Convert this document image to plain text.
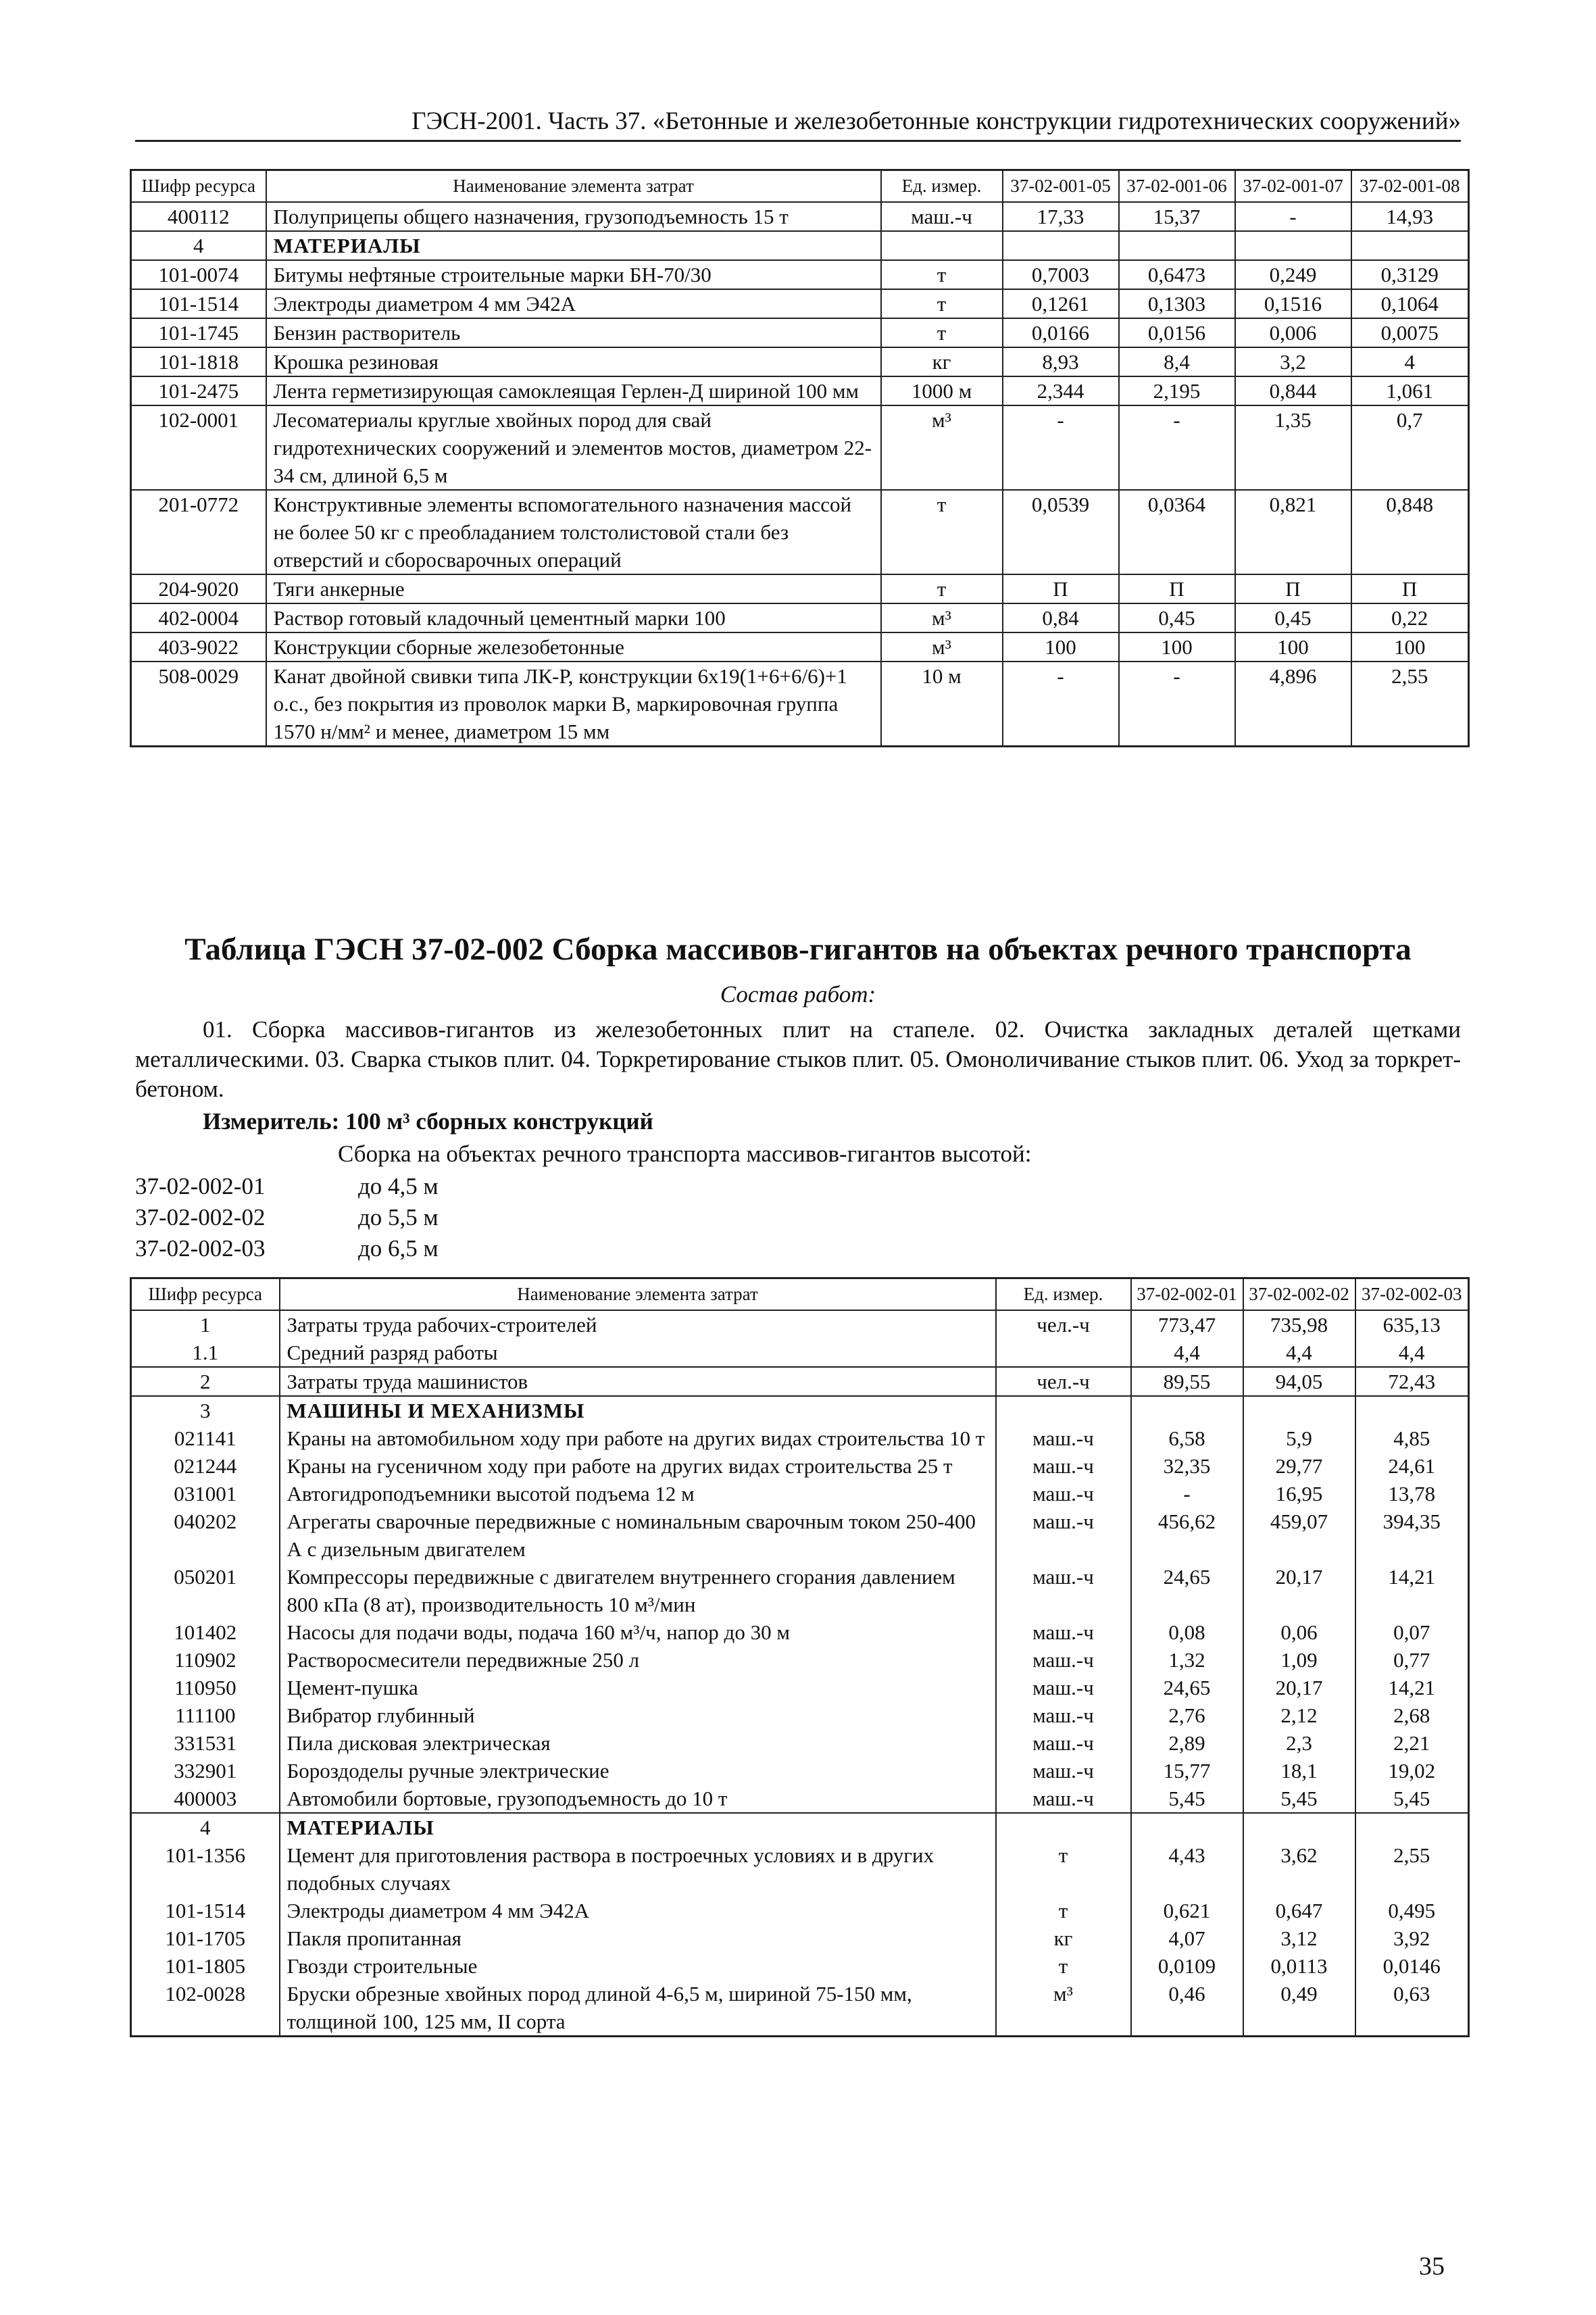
ГЭСН-2001. Часть 37. «Бетонные и железобетонные конструкции гидротехнических сооружений»
Шифр ресурса	Наименование элемента затрат	Ед. измер.	37-02-001-05	37-02-001-06	37-02-001-07	37-02-001-08
400112	Полуприцепы общего назначения, грузоподъемность 15 т	маш.-ч	17,33	15,37	-	14,93
4	МАТЕРИАЛЫ					
101-0074	Битумы нефтяные строительные марки БН-70/30	т	0,7003	0,6473	0,249	0,3129
101-1514	Электроды диаметром 4 мм Э42А	т	0,1261	0,1303	0,1516	0,1064
101-1745	Бензин растворитель	т	0,0166	0,0156	0,006	0,0075
101-1818	Крошка резиновая	кг	8,93	8,4	3,2	4
101-2475	Лента герметизирующая самоклеящая Герлен-Д шириной 100 мм	1000 м	2,344	2,195	0,844	1,061
102-0001	Лесоматериалы круглые хвойных пород для свай гидротехнических сооружений и элементов мостов, диаметром 22-34 см, длиной 6,5 м	м³	-	-	1,35	0,7
201-0772	Конструктивные элементы вспомогательного назначения массой не более 50 кг с преобладанием толстолистовой стали без отверстий и сборосварочных операций	т	0,0539	0,0364	0,821	0,848
204-9020	Тяги анкерные	т	П	П	П	П
402-0004	Раствор готовый кладочный цементный марки 100	м³	0,84	0,45	0,45	0,22
403-9022	Конструкции сборные железобетонные	м³	100	100	100	100
508-0029	Канат двойной свивки типа ЛК-Р, конструкции 6х19(1+6+6/6)+1 о.с., без покрытия из проволок марки В, маркировочная группа 1570 н/мм² и менее, диаметром 15 мм	10 м	-	-	4,896	2,55
Таблица ГЭСН 37-02-002 Сборка массивов-гигантов на объектах речного транспорта
Состав работ:
01. Сборка массивов-гигантов из железобетонных плит на стапеле. 02. Очистка закладных деталей щетками металлическими. 03. Сварка стыков плит. 04. Торкретирование стыков плит. 05. Омоноличивание стыков плит. 06. Уход за торкрет-бетоном.
Измеритель: 100 м³ сборных конструкций
Сборка на объектах речного транспорта массивов-гигантов высотой:
37-02-002-01	до 4,5 м
37-02-002-02	до 5,5 м
37-02-002-03	до 6,5 м
Шифр ресурса	Наименование элемента затрат	Ед. измер.	37-02-002-01	37-02-002-02	37-02-002-03
1	Затраты труда рабочих-строителей	чел.-ч	773,47	735,98	635,13
1.1	Средний разряд работы		4,4	4,4	4,4
2	Затраты труда машинистов	чел.-ч	89,55	94,05	72,43
3	МАШИНЫ И МЕХАНИЗМЫ				
021141	Краны на автомобильном ходу при работе на других видах строительства 10 т	маш.-ч	6,58	5,9	4,85
021244	Краны на гусеничном ходу при работе на других видах строительства 25 т	маш.-ч	32,35	29,77	24,61
031001	Автогидроподъемники высотой подъема 12 м	маш.-ч	-	16,95	13,78
040202	Агрегаты сварочные передвижные с номинальным сварочным током 250-400 А с дизельным двигателем	маш.-ч	456,62	459,07	394,35
050201	Компрессоры передвижные с двигателем внутреннего сгорания давлением 800 кПа (8 ат), производительность 10 м³/мин	маш.-ч	24,65	20,17	14,21
101402	Насосы для подачи воды, подача 160 м³/ч, напор до 30 м	маш.-ч	0,08	0,06	0,07
110902	Растворосмесители передвижные 250 л	маш.-ч	1,32	1,09	0,77
110950	Цемент-пушка	маш.-ч	24,65	20,17	14,21
111100	Вибратор глубинный	маш.-ч	2,76	2,12	2,68
331531	Пила дисковая электрическая	маш.-ч	2,89	2,3	2,21
332901	Бороздоделы ручные электрические	маш.-ч	15,77	18,1	19,02
400003	Автомобили бортовые, грузоподъемность до 10 т	маш.-ч	5,45	5,45	5,45
4	МАТЕРИАЛЫ				
101-1356	Цемент для приготовления раствора в построечных условиях и в других подобных случаях	т	4,43	3,62	2,55
101-1514	Электроды диаметром 4 мм Э42А	т	0,621	0,647	0,495
101-1705	Пакля пропитанная	кг	4,07	3,12	3,92
101-1805	Гвозди строительные	т	0,0109	0,0113	0,0146
102-0028	Бруски обрезные хвойных пород длиной 4-6,5 м, шириной 75-150 мм, толщиной 100, 125 мм, II сорта	м³	0,46	0,49	0,63
35
